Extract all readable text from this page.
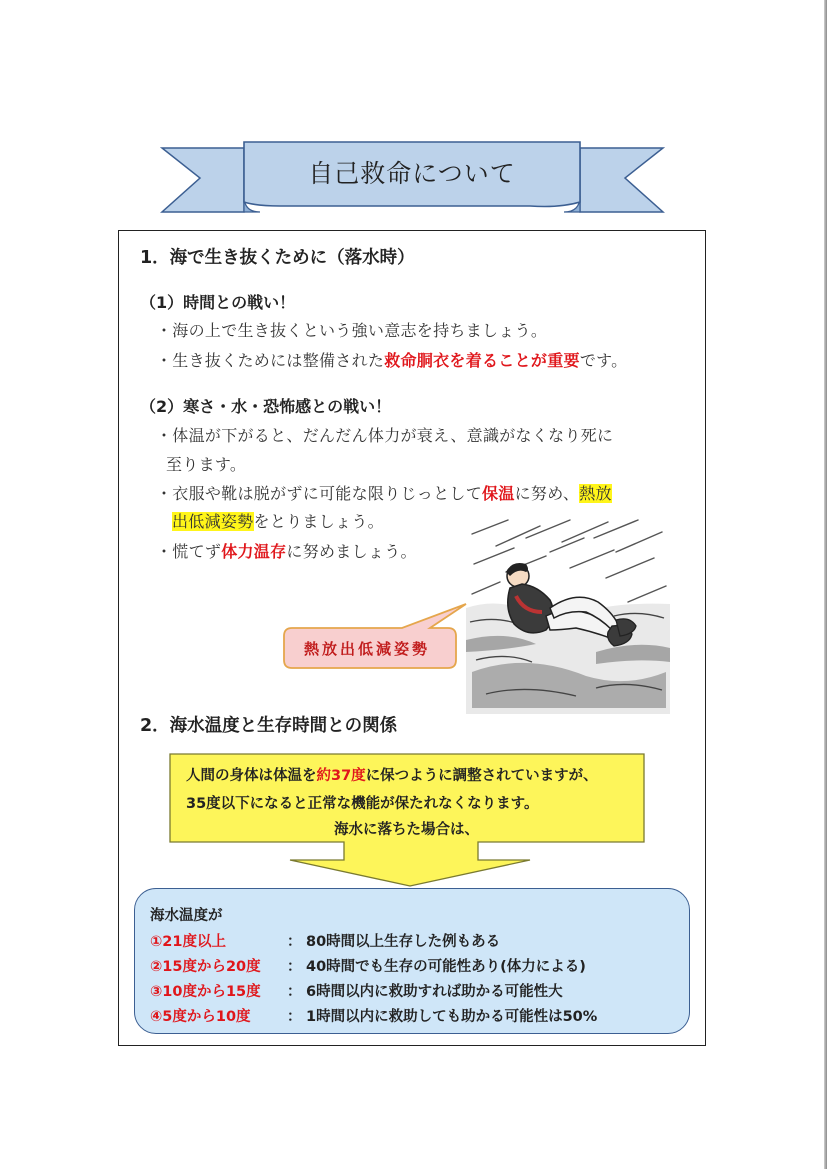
自己救命について
1．海で生き抜くために（落水時）
（1）時間との戦い！
・海の上で生き抜くという強い意志を持ちましょう。
・生き抜くためには整備された救命胴衣を着ることが重要です。
（2）寒さ・水・恐怖感との戦い！
・体温が下がると、だんだん体力が衰え、意識がなくなり死に
至ります。
・衣服や靴は脱がずに可能な限りじっとして保温に努め、熱放
出低減姿勢をとりましょう。
・慌てず体力温存に努めましょう。
熱放出低減姿勢
2．海水温度と生存時間との関係
人間の身体は体温を約37度に保つように調整されていますが、
35度以下になると正常な機能が保たれなくなります。
海水に落ちた場合は、
海水温度が
①21度以上	： 80時間以上生存した例もある
②15度から20度 ： 40時間でも生存の可能性あり(体力による)
③10度から15度 ： 6時間以内に救助すれば助かる可能性大
④5度から10度	： 1時間以内に救助しても助かる可能性は50%
